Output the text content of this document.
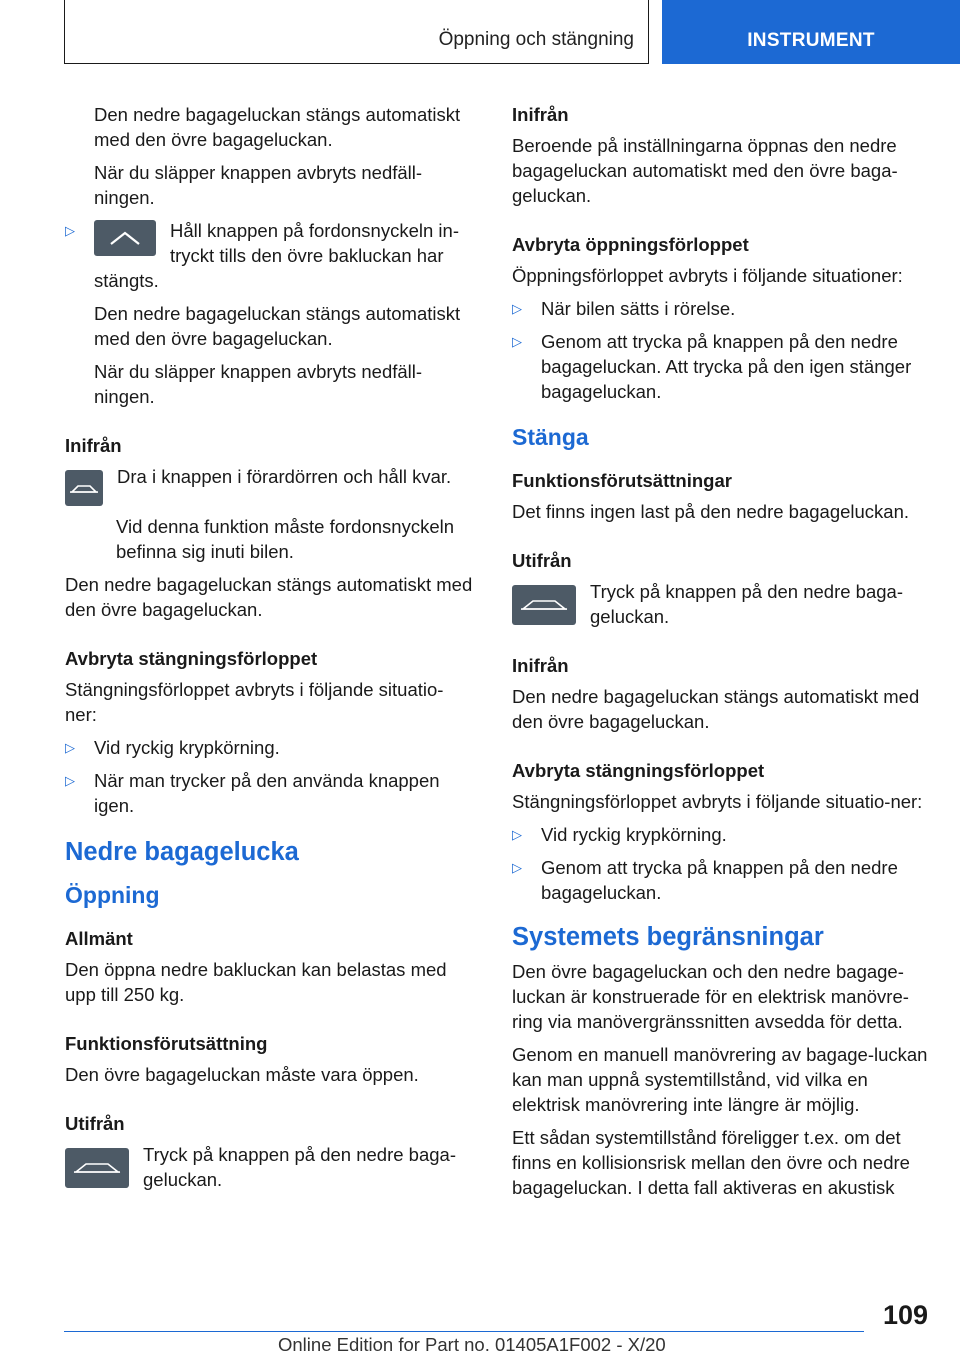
Öppning och stängning	INSTRUMENT

Den nedre bagageluckan stängs automatiskt med den övre bagageluckan.

När du släpper knappen avbryts nedfäll-ningen.

▷	Håll knappen på fordonsnyckeln in-tryckt tills den övre bakluckan har stängts.

Den nedre bagageluckan stängs automatiskt med den övre bagageluckan.

När du släpper knappen avbryts nedfäll-ningen.

Inifrån

Dra i knappen i förardörren och håll kvar.

Vid denna funktion måste fordonsnyckeln befinna sig inuti bilen.

Den nedre bagageluckan stängs automatiskt med den övre bagageluckan.

Avbryta stängningsförloppet

Stängningsförloppet avbryts i följande situatio-ner:

▷	Vid ryckig krypkörning.
▷	När man trycker på den använda knappen igen.
Nedre bagagelucka
Öppning

Allmänt

Den öppna nedre bakluckan kan belastas med upp till 250 kg.

Funktionsförutsättning

Den övre bagageluckan måste vara öppen.

Utifrån

Tryck på knappen på den nedre baga-geluckan.

Inifrån

Beroende på inställningarna öppnas den nedre bagageluckan automatiskt med den övre baga-geluckan.

Avbryta öppningsförloppet

Öppningsförloppet avbryts i följande situationer:

▷	När bilen sätts i rörelse.
▷	Genom att trycka på knappen på den nedre bagageluckan. Att trycka på den igen stänger bagageluckan.
Stänga

Funktionsförutsättningar

Det finns ingen last på den nedre bagageluckan.

Utifrån

Tryck på knappen på den nedre baga-geluckan.

Inifrån

Den nedre bagageluckan stängs automatiskt med den övre bagageluckan.

Avbryta stängningsförloppet

Stängningsförloppet avbryts i följande situatio-ner:

▷	Vid ryckig krypkörning.
▷	Genom att trycka på knappen på den nedre bagageluckan.
Systemets begränsningar

Den övre bagageluckan och den nedre bagage-luckan är konstruerade för en elektrisk manövre-ring via manövergränssnitten avsedda för detta.

Genom en manuell manövrering av bagage-luckan kan man uppnå systemtillstånd, vid vilka en elektrisk manövrering inte längre är möjlig.

Ett sådan systemtillstånd föreligger t.ex. om det finns en kollisionsrisk mellan den övre och nedre bagageluckan. I detta fall aktiveras en akustisk

109
Online Edition for Part no. 01405A1F002 - X/20
